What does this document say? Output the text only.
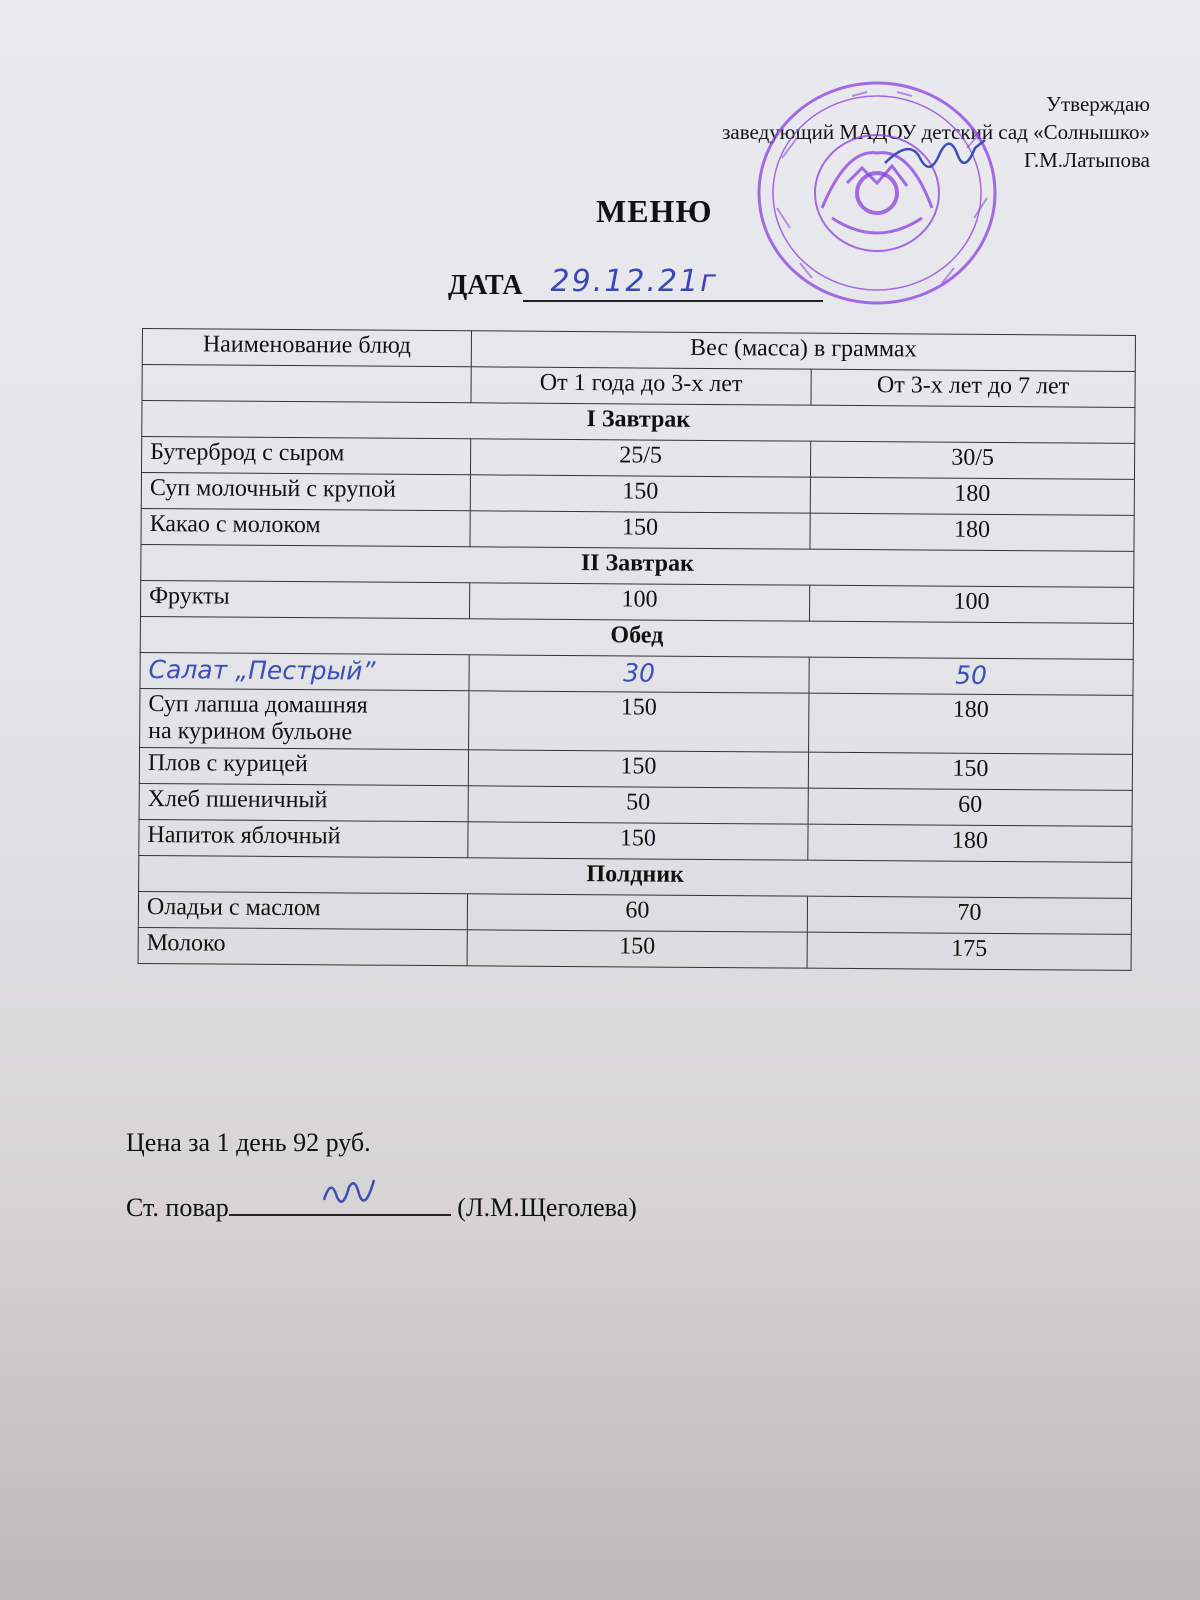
Утверждаю
заведующий МАДОУ детский сад «Солнышко»
Г.М.Латыпова
МЕНЮ
ДАТА 29.12.21г
Наименование блюд	Вес (масса) в граммах	
	От 1 года до 3-х лет	От 3-х лет до 7 лет
I Завтрак		
Бутерброд с сыром	25/5	30/5
Суп молочный с крупой	150	180
Какао с молоком	150	180
II Завтрак		
Фрукты	100	100
Обед		
Салат „Пестрый”	30	50
Суп лапша домашняя
на курином бульоне	150	180
Плов с курицей	150	150
Хлеб пшеничный	50	60
Напиток яблочный	150	180
Полдник		
Оладьи с маслом	60	70
Молоко	150	175
Цена за 1 день 92 руб.
Ст. повар	(Л.М.Щеголева)
